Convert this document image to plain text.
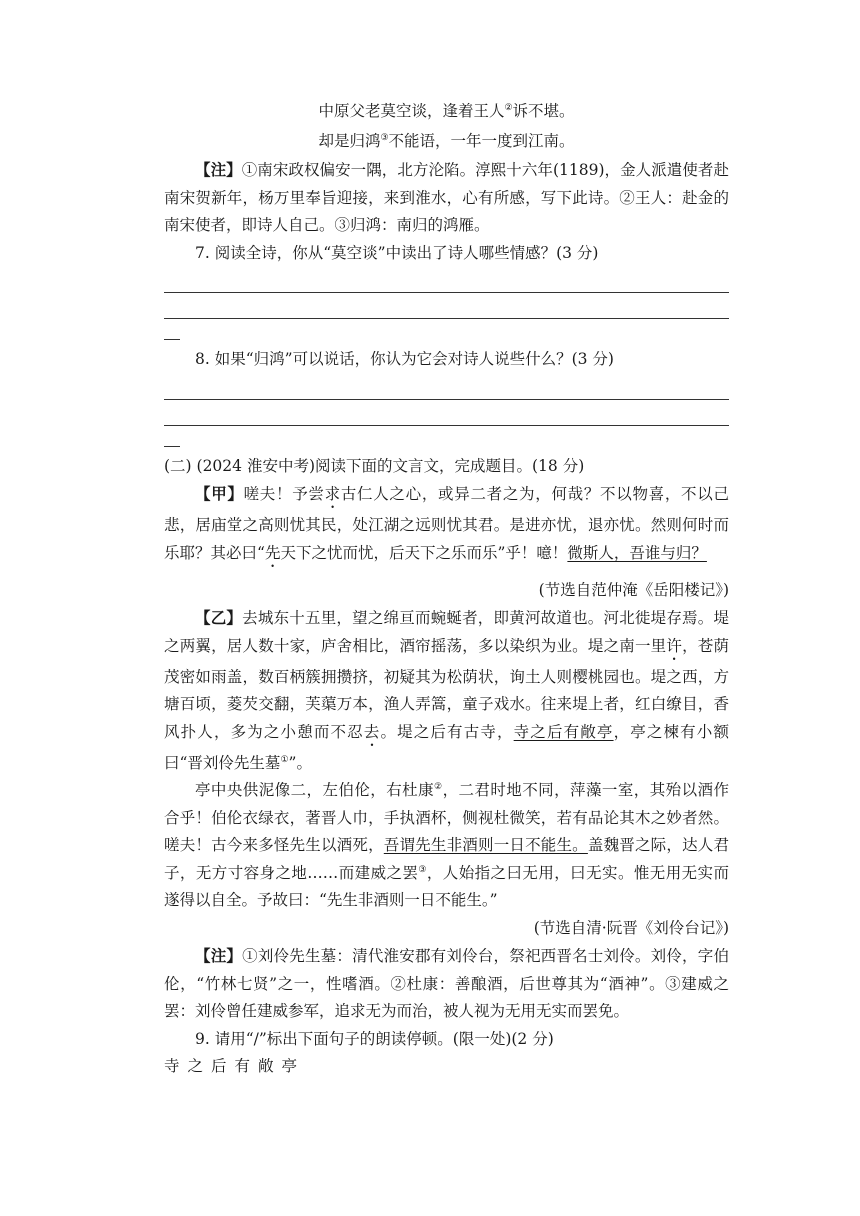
中原父老莫空谈，逢着王人②诉不堪。

却是归鸿③不能语，一年一度到江南。

【注】①南宋政权偏安一隅，北方沦陷。淳熙十六年(1189)，金人派遣使者赴南宋贺新年，杨万里奉旨迎接，来到淮水，心有所感，写下此诗。②王人：赴金的南宋使者，即诗人自己。③归鸿：南归的鸿雁。

7. 阅读全诗，你从“莫空谈”中读出了诗人哪些情感？(3 分)

8. 如果“归鸿”可以说话，你认为它会对诗人说些什么？(3 分)

(二) (2024 淮安中考)阅读下面的文言文，完成题目。(18 分)

【甲】嗟夫！予尝求古仁人之心，或异二者之为，何哉？不以物喜，不以己悲，居庙堂之高则忧其民，处江湖之远则忧其君。是进亦忧，退亦忧。然则何时而乐耶？其必曰“先天下之忧而忧，后天下之乐而乐”乎！噫！微斯人，吾谁与归？

(节选自范仲淹《岳阳楼记》)

【乙】去城东十五里，望之绵亘而蜿蜒者，即黄河故道也。河北徙堤存焉。堤之两翼，居人数十家，庐舍相比，酒帘摇荡，多以染织为业。堤之南一里许，苍荫茂密如雨盖，数百柄簇拥攒挤，初疑其为松荫状，询土人则樱桃园也。堤之西，方塘百顷，菱芡交翻，芙蕖万本，渔人弄篙，童子戏水。往来堤上者，红白缭目，香风扑人，多为之小憩而不忍去。堤之后有古寺，寺之后有敞亭，亭之楝有小额曰“晋刘伶先生墓①”。

亭中央供泥像二，左伯伦，右杜康②，二君时地不同，萍藻一室，其殆以酒作合乎！伯伦衣绿衣，著晋人巾，手执酒杯，侧视杜微笑，若有品论其木之妙者然。嗟夫！古今来多怪先生以酒死，吾谓先生非酒则一日不能生。盖魏晋之际，达人君子，无方寸容身之地……而建威之罢③，人始指之曰无用，曰无实。惟无用无实而遂得以自全。予故曰：“先生非酒则一日不能生。”

(节选自清·阮晋《刘伶台记》)

【注】①刘伶先生墓：清代淮安郡有刘伶台，祭祀西晋名士刘伶。刘伶，字伯伦，“竹林七贤”之一，性嗜酒。②杜康：善酿酒，后世尊其为“酒神”。③建威之罢：刘伶曾任建威参军，追求无为而治，被人视为无用无实而罢免。

9. 请用“/”标出下面句子的朗读停顿。(限一处)(2 分)

寺之后有敞亭
